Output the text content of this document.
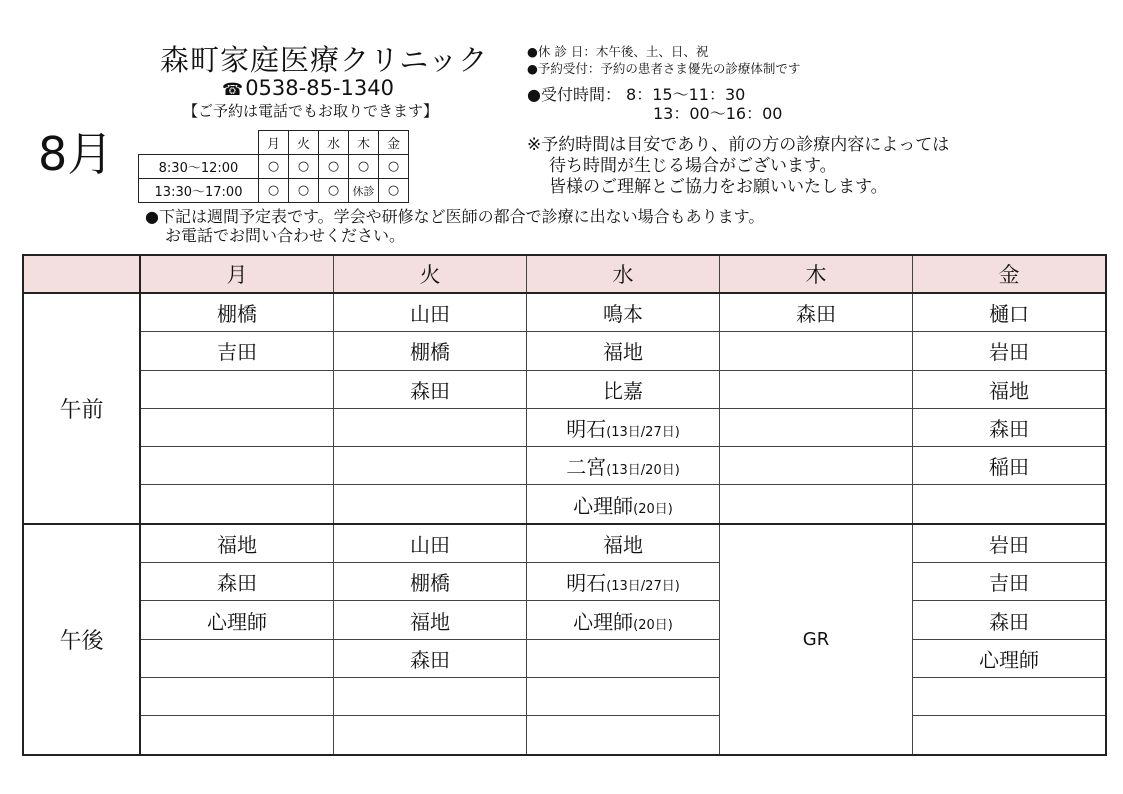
森町家庭医療クリニック
☎0538-85-1340
【ご予約は電話でもお取りできます】
8月
●休 診 日：木午後、土、日、祝
●予約受付：予約の患者さま優先の診療体制です
●受付時間： 8：15～11：30
13：00～16：00
※予約時間は目安であり、前の方の診療内容によっては
待ち時間が生じる場合がございます。
皆様のご理解とご協力をお願いいたします。
●下記は週間予定表です。学会や研修など医師の都合で診療に出ない場合もあります。
お電話でお問い合わせください。
	月	火	水	木	金
8:30～12:00	○	○	○	○	○
13:30～17:00	○	○	○	休診	○
	月	火	水	木	金
午前	棚橋	山田	鳴本	森田	樋口
	吉田	棚橋	福地		岩田
		森田	比嘉		福地
			明石(13日/27日)		森田
			二宮(13日/20日)		稲田
			心理師(20日)		
午後	福地	山田	福地	GR	岩田
	森田	棚橋	明石(13日/27日)		吉田
	心理師	福地	心理師(20日)		森田
		森田			心理師
